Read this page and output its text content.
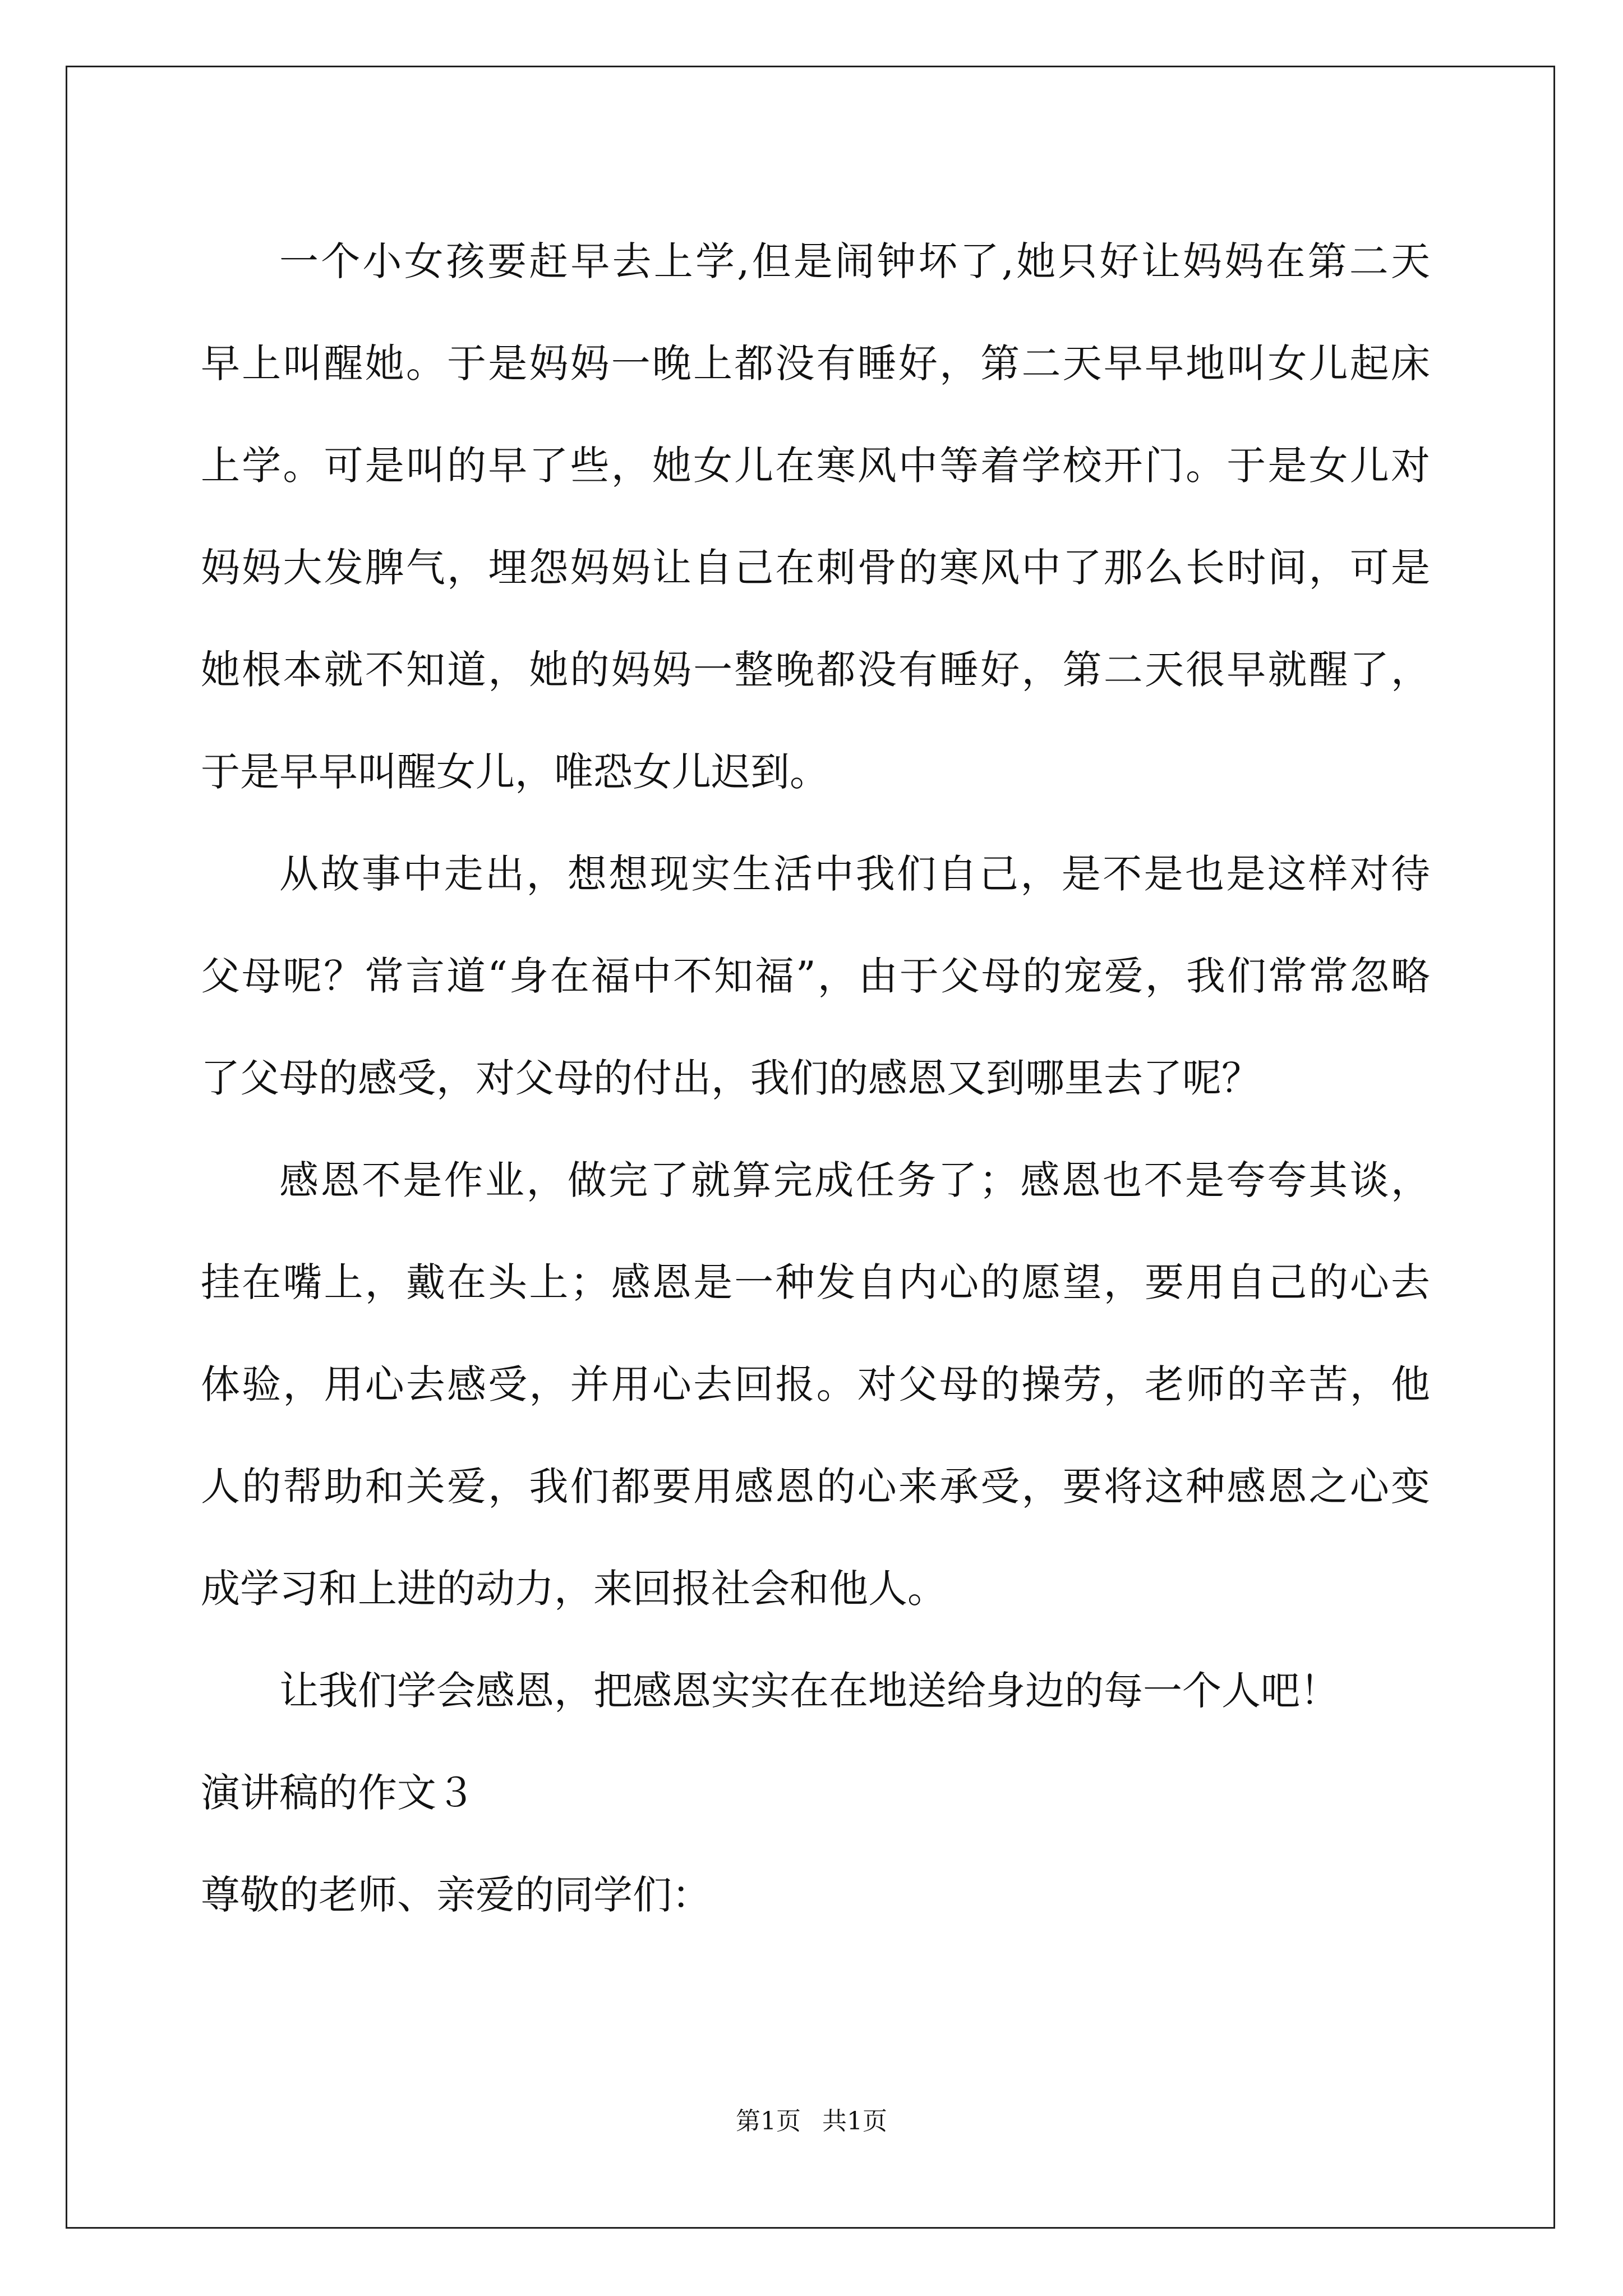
一个小女孩要赶早去上学,但是闹钟坏了,她只好让妈妈在第二天
早上叫醒她。于是妈妈一晚上都没有睡好，第二天早早地叫女儿起床
上学。可是叫的早了些，她女儿在寒风中等着学校开门。于是女儿对
妈妈大发脾气，埋怨妈妈让自己在刺骨的寒风中了那么长时间，可是
她根本就不知道，她的妈妈一整晚都没有睡好，第二天很早就醒了，
于是早早叫醒女儿，唯恐女儿迟到。
从故事中走出，想想现实生活中我们自己，是不是也是这样对待
父母呢？常言道“身在福中不知福”，由于父母的宠爱，我们常常忽略
了父母的感受，对父母的付出，我们的感恩又到哪里去了呢？
感恩不是作业，做完了就算完成任务了；感恩也不是夸夸其谈，
挂在嘴上，戴在头上；感恩是一种发自内心的愿望，要用自己的心去
体验，用心去感受，并用心去回报。对父母的操劳，老师的辛苦，他
人的帮助和关爱，我们都要用感恩的心来承受，要将这种感恩之心变
成学习和上进的动力，来回报社会和他人。
让我们学会感恩，把感恩实实在在地送给身边的每一个人吧！
演讲稿的作文３
尊敬的老师、亲爱的同学们：
第1页 共1页
